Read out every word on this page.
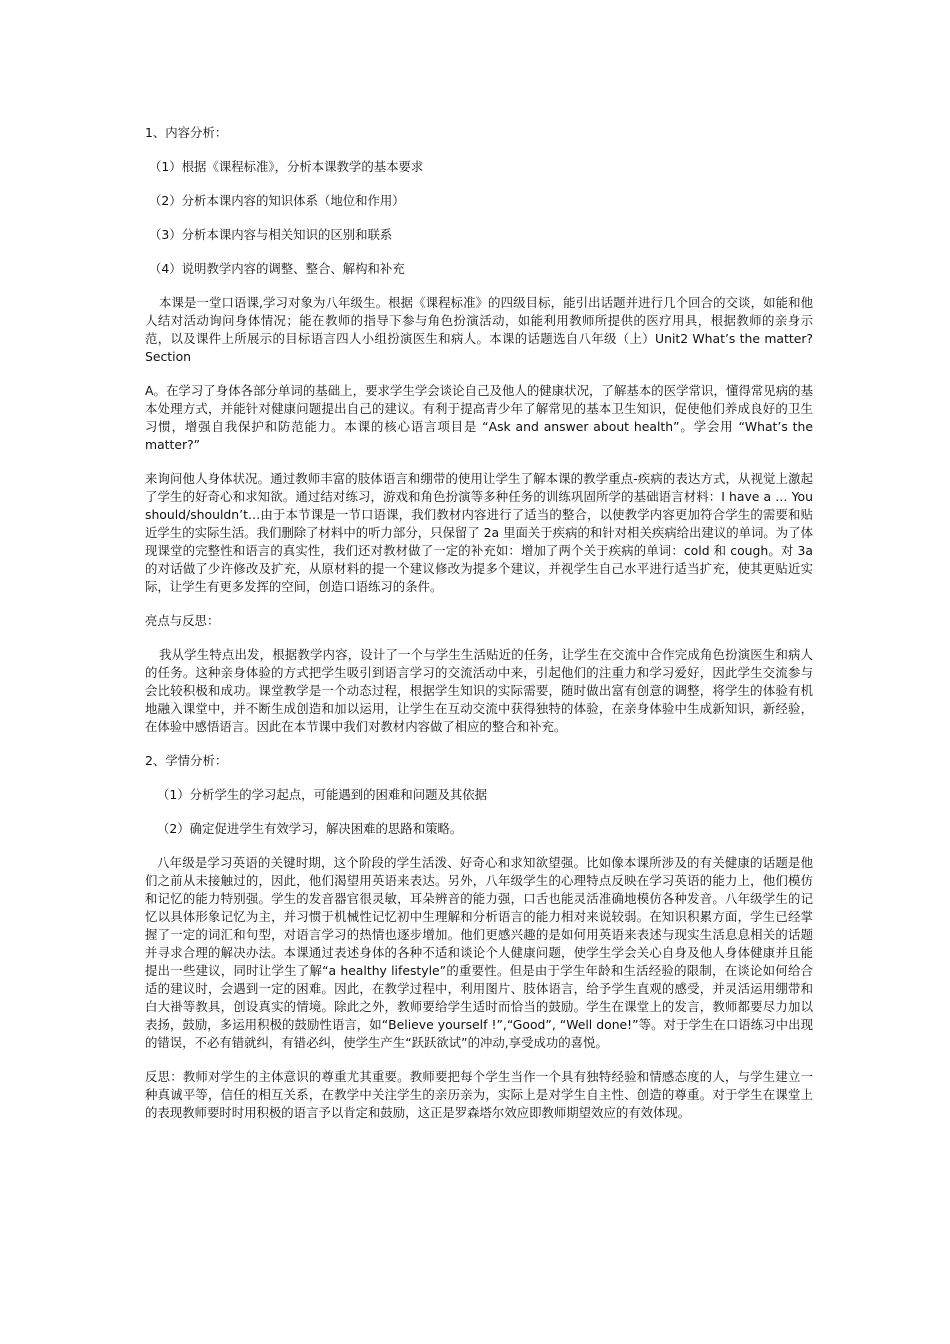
1、内容分析：

（1）根据《课程标准》，分析本课教学的基本要求

（2）分析本课内容的知识体系（地位和作用）

（3）分析本课内容与相关知识的区别和联系

（4）说明教学内容的调整、整合、解构和补充

本课是一堂口语课,学习对象为八年级生。根据《课程标准》的四级目标，能引出话题并进行几个回合的交谈，如能和他人结对活动询问身体情况；能在教师的指导下参与角色扮演活动，如能利用教师所提供的医疗用具，根据教师的亲身示范，以及课件上所展示的目标语言四人小组扮演医生和病人。本课的话题选自八年级（上）Unit2 What’s the matter? Section

A。在学习了身体各部分单词的基础上，要求学生学会谈论自己及他人的健康状况，了解基本的医学常识，懂得常见病的基本处理方式，并能针对健康问题提出自己的建议。有利于提高青少年了解常见的基本卫生知识，促使他们养成良好的卫生习惯，增强自我保护和防范能力。本课的核心语言项目是 “Ask and answer about health”。学会用 “What’s the matter?”

来询问他人身体状况。通过教师丰富的肢体语言和绷带的使用让学生了解本课的教学重点-疾病的表达方式，从视觉上激起了学生的好奇心和求知欲。通过结对练习，游戏和角色扮演等多种任务的训练巩固所学的基础语言材料：I have a … You should/shouldn’t…由于本节课是一节口语课，我们教材内容进行了适当的整合，以使教学内容更加符合学生的需要和贴近学生的实际生活。我们删除了材料中的听力部分，只保留了 2a 里面关于疾病的和针对相关疾病给出建议的单词。为了体现课堂的完整性和语言的真实性，我们还对教材做了一定的补充如：增加了两个关于疾病的单词：cold 和 cough。对 3a 的对话做了少许修改及扩充，从原材料的提一个建议修改为提多个建议，并视学生自己水平进行适当扩充，使其更贴近实际，让学生有更多发挥的空间，创造口语练习的条件。

亮点与反思：

我从学生特点出发，根据教学内容，设计了一个与学生生活贴近的任务，让学生在交流中合作完成角色扮演医生和病人的任务。这种亲身体验的方式把学生吸引到语言学习的交流活动中来，引起他们的注重力和学习爱好，因此学生交流参与会比较积极和成功。课堂教学是一个动态过程，根据学生知识的实际需要，随时做出富有创意的调整，将学生的体验有机地融入课堂中，并不断生成创造和加以运用，让学生在互动交流中获得独特的体验，在亲身体验中生成新知识，新经验，在体验中感悟语言。因此在本节课中我们对教材内容做了相应的整合和补充。

2、学情分析：

（1）分析学生的学习起点，可能遇到的困难和问题及其依据

（2）确定促进学生有效学习，解决困难的思路和策略。

八年级是学习英语的关键时期，这个阶段的学生活泼、好奇心和求知欲望强。比如像本课所涉及的有关健康的话题是他们之前从未接触过的，因此，他们渴望用英语来表达。另外，八年级学生的心理特点反映在学习英语的能力上，他们模仿和记忆的能力特别强。学生的发音器官很灵敏，耳朵辨音的能力强，口舌也能灵活准确地模仿各种发音。八年级学生的记忆以具体形象记忆为主，并习惯于机械性记忆初中生理解和分析语言的能力相对来说较弱。在知识积累方面，学生已经掌握了一定的词汇和句型，对语言学习的热情也逐步增加。他们更感兴趣的是如何用英语来表述与现实生活息息相关的话题并寻求合理的解决办法。本课通过表述身体的各种不适和谈论个人健康问题，使学生学会关心自身及他人身体健康并且能提出一些建议，同时让学生了解“a healthy lifestyle”的重要性。但是由于学生年龄和生活经验的限制，在谈论如何给合适的建议时，会遇到一定的困难。因此，在教学过程中，利用图片、肢体语言，给予学生直观的感受，并灵活运用绷带和白大褂等教具，创设真实的情境。除此之外，教师要给学生适时而恰当的鼓励。学生在课堂上的发言，教师都要尽力加以表扬，鼓励，多运用积极的鼓励性语言，如“Believe yourself !”,“Good”, “Well done!”等。对于学生在口语练习中出现的错误，不必有错就纠，有错必纠，使学生产生“跃跃欲试”的冲动,享受成功的喜悦。

反思：教师对学生的主体意识的尊重尤其重要。教师要把每个学生当作一个具有独特经验和情感态度的人，与学生建立一种真诚平等，信任的相互关系，在教学中关注学生的亲历亲为，实际上是对学生自主性、创造的尊重。对于学生在课堂上的表现教师要时时用积极的语言予以肯定和鼓励，这正是罗森塔尔效应即教师期望效应的有效体现。
